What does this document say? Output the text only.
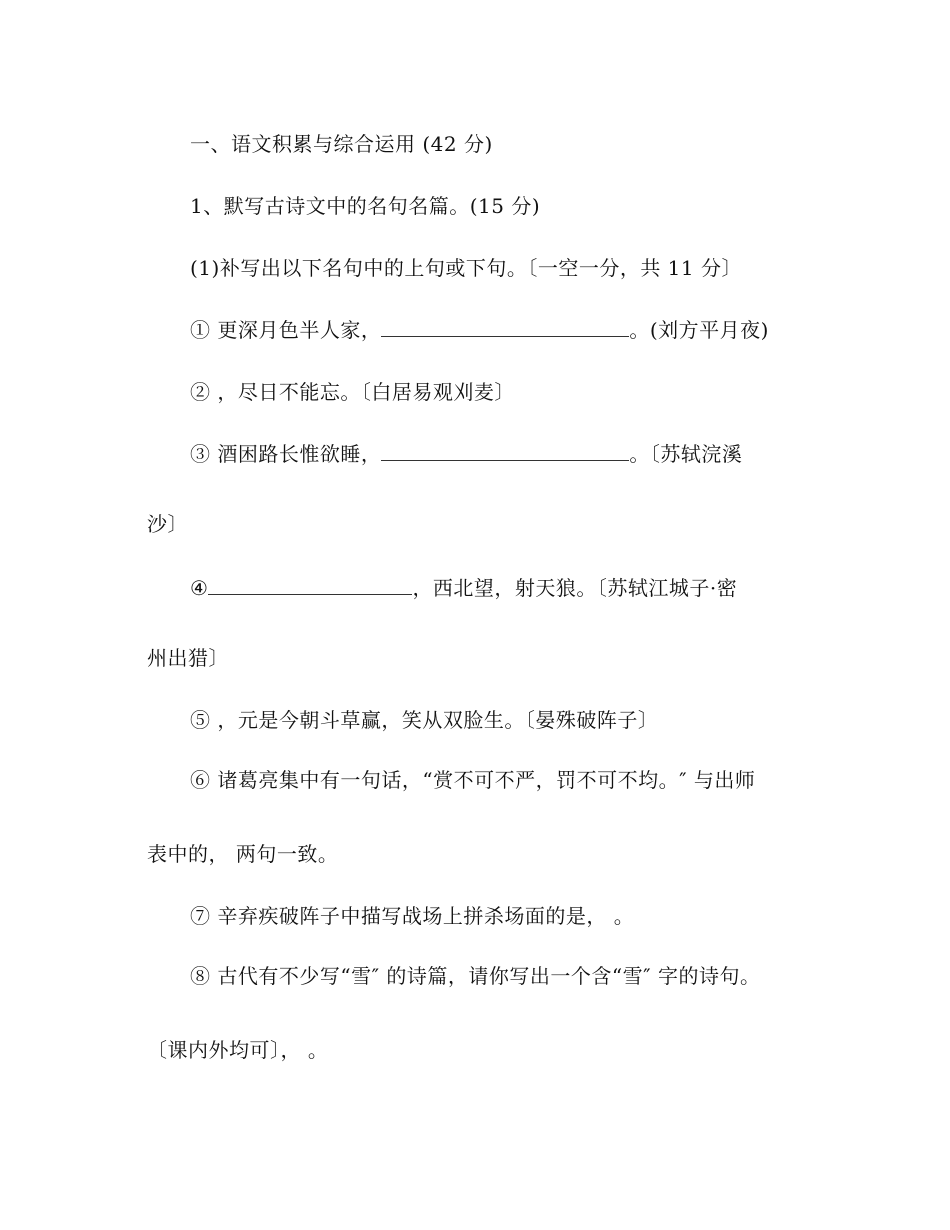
一、语文积累与综合运用 (42 分)
1、默写古诗文中的名句名篇。(15 分)
(1)补写出以下名句中的上句或下句。〔一空一分，共 11 分〕
① 更深月色半人家，	。(刘方平月夜)
② ，尽日不能忘。〔白居易观刈麦〕
③ 酒困路长惟欲睡，	。〔苏轼浣溪
沙〕
④	，西北望，射天狼。〔苏轼江城子·密
州出猎〕
⑤ ，元是今朝斗草赢，笑从双脸生。〔晏殊破阵子〕
⑥ 诸葛亮集中有一句话，“赏不可不严，罚不可不均。″ 与出师
表中的， 两句一致。
⑦ 辛弃疾破阵子中描写战场上拼杀场面的是， 。
⑧ 古代有不少写“雪″ 的诗篇，请你写出一个含“雪″ 字的诗句。
〔课内外均可〕， 。
